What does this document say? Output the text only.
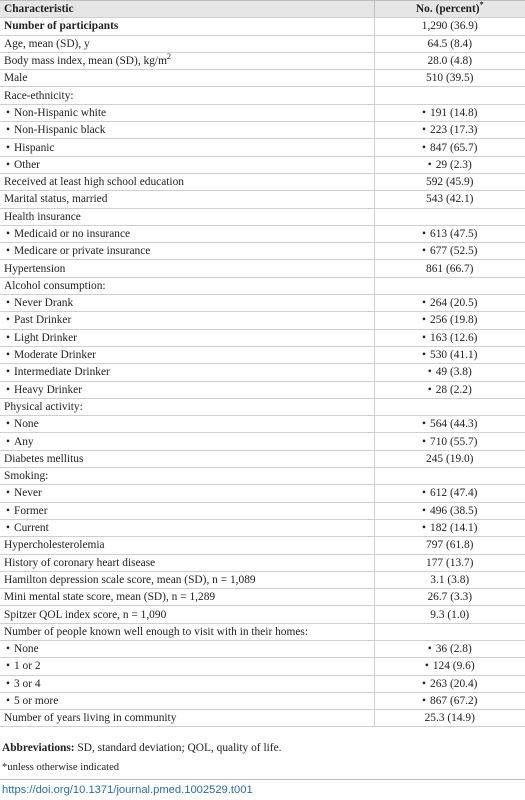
Characteristic	No. (percent)*
Number of participants	1,290 (36.9)
Age, mean (SD), y	64.5 (8.4)
Body mass index, mean (SD), $kg/m^2$	28.0 (4.8)
Male	510 (39.5)
Race-ethnicity:	
• Non-Hispanic white	• 191 (14.8)
• Non-Hispanic black	• 223 (17.3)
• Hispanic	• 847 (65.7)
• Other	• 29 (2.3)
Received at least high school education	592 (45.9)
Marital status, married	543 (42.1)
Health insurance	
• Medicaid or no insurance	• 613 (47.5)
• Medicare or private insurance	• 677 (52.5)
Hypertension	861 (66.7)
Alcohol consumption:	
• Never Drank	• 264 (20.5)
• Past Drinker	• 256 (19.8)
• Light Drinker	• 163 (12.6)
• Moderate Drinker	• 530 (41.1)
• Intermediate Drinker	• 49 (3.8)
• Heavy Drinker	• 28 (2.2)
Physical activity:	
• None	• 564 (44.3)
• Any	• 710 (55.7)
Diabetes mellitus	245 (19.0)
Smoking:	
• Never	• 612 (47.4)
• Former	• 496 (38.5)
• Current	• 182 (14.1)
Hypercholesterolemia	797 (61.8)
History of coronary heart disease	177 (13.7)
Hamilton depression scale score, mean (SD), n = 1,089	3.1 (3.8)
Mini mental state score, mean (SD), n = 1,289	26.7 (3.3)
Spitzer QOL index score, n = 1,090	9.3 (1.0)
Number of people known well enough to visit with in their homes:	
• None	• 36 (2.8)
• 1 or 2	• 124 (9.6)
• 3 or 4	• 263 (20.4)
• 5 or more	• 867 (67.2)
Number of years living in community	25.3 (14.9)
Abbreviations: SD, standard deviation; QOL, quality of life.
*unless otherwise indicated
https://doi.org/10.1371/journal.pmed.1002529.t001
